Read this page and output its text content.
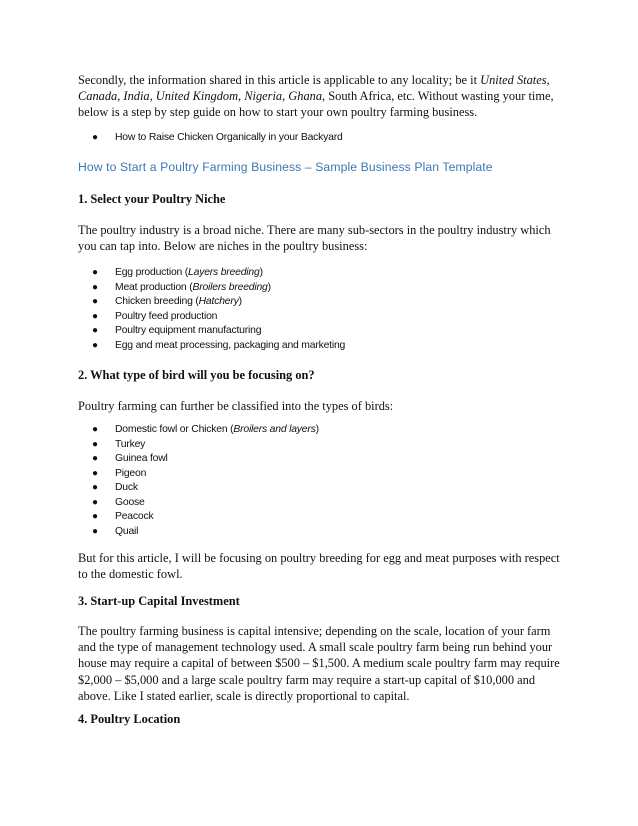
Secondly, the information shared in this article is applicable to any locality; be it United States, Canada, India, United Kingdom, Nigeria, Ghana, South Africa, etc. Without wasting your time, below is a step by step guide on how to start your own poultry farming business.

● How to Raise Chicken Organically in your Backyard

How to Start a Poultry Farming Business – Sample Business Plan Template

1. Select your Poultry Niche

The poultry industry is a broad niche. There are many sub-sectors in the poultry industry which you can tap into. Below are niches in the poultry business:

● Egg production (Layers breeding)
● Meat production (Broilers breeding)
● Chicken breeding (Hatchery)
● Poultry feed production
● Poultry equipment manufacturing
● Egg and meat processing, packaging and marketing
2. What type of bird will you be focusing on?

Poultry farming can further be classified into the types of birds:

● Domestic fowl or Chicken (Broilers and layers)
● Turkey
● Guinea fowl
● Pigeon
● Duck
● Goose
● Peacock
● Quail

But for this article, I will be focusing on poultry breeding for egg and meat purposes with respect to the domestic fowl.

3. Start-up Capital Investment

The poultry farming business is capital intensive; depending on the scale, location of your farm and the type of management technology used. A small scale poultry farm being run behind your house may require a capital of between $500 – $1,500. A medium scale poultry farm may require $2,000 – $5,000 and a large scale poultry farm may require a start-up capital of $10,000 and above. Like I stated earlier, scale is directly proportional to capital.

4. Poultry Location
